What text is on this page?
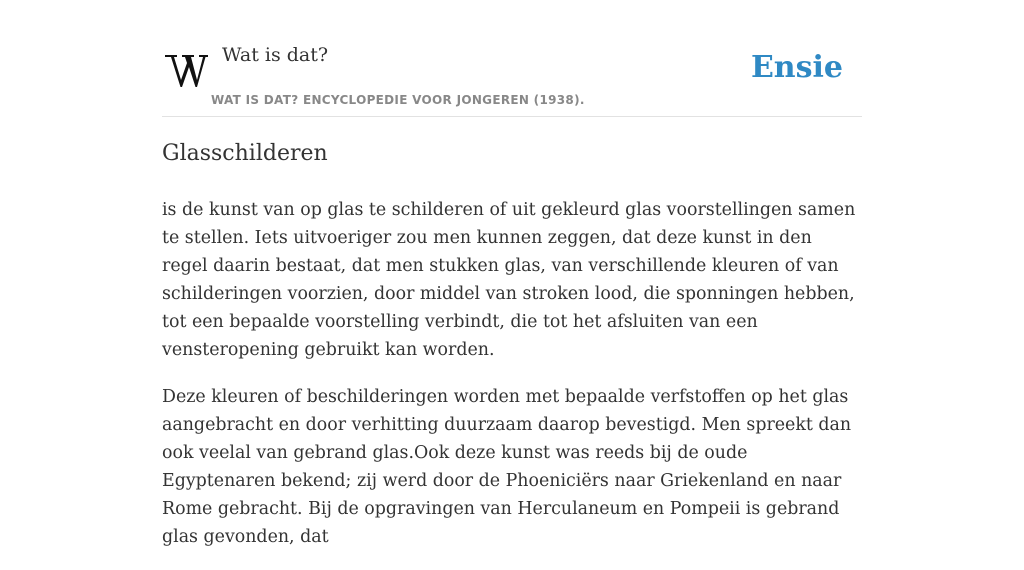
Wat is dat?
WAT IS DAT? ENCYCLOPEDIE VOOR JONGEREN (1938).
Ensie
Glasschilderen

is de kunst van op glas te schilderen of uit gekleurd glas voorstellingen samen te stellen. Iets uitvoeriger zou men kunnen zeggen, dat deze kunst in den regel daarin bestaat, dat men stukken glas, van verschillende kleuren of van schilderingen voorzien, door middel van stroken lood, die sponningen hebben, tot een bepaalde voorstelling verbindt, die tot het afsluiten van een vensteropening gebruikt kan worden.

Deze kleuren of beschilderingen worden met bepaalde verfstoffen op het glas aangebracht en door verhitting duurzaam daarop bevestigd. Men spreekt dan ook veelal van gebrand glas.Ook deze kunst was reeds bij de oude Egyptenaren bekend; zij werd door de Phoeniciërs naar Griekenland en naar Rome gebracht. Bij de opgravingen van Herculaneum en Pompeii is gebrand glas gevonden, dat
